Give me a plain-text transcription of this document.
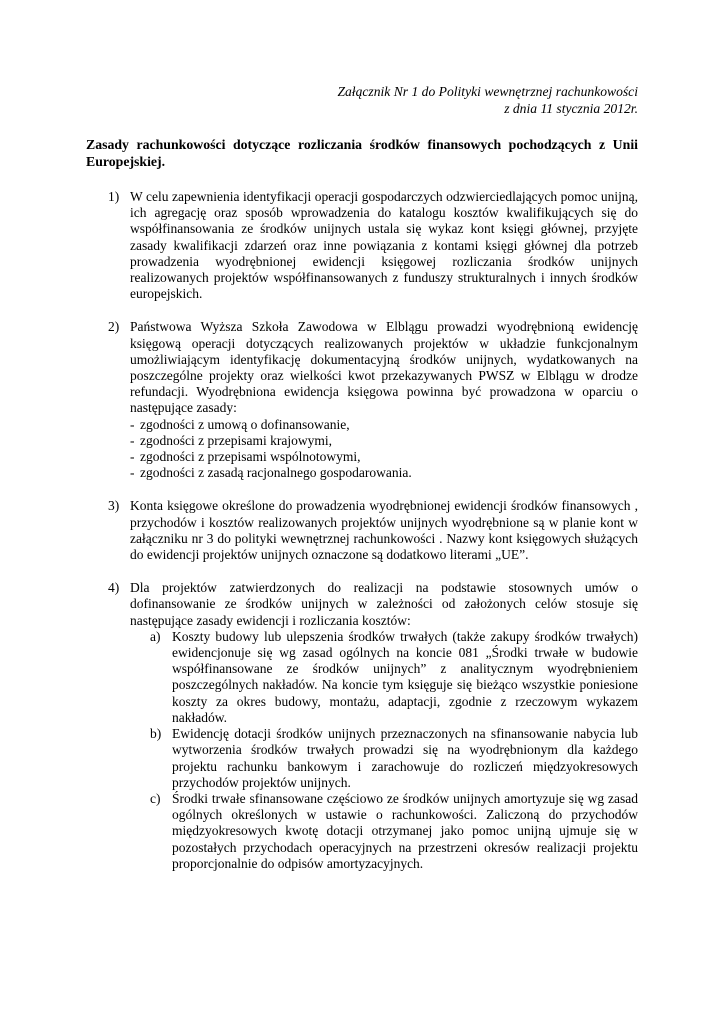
Załącznik Nr 1 do Polityki wewnętrznej rachunkowości
z dnia 11 stycznia 2012r.
Zasady rachunkowości dotyczące rozliczania środków finansowych pochodzących z Unii Europejskiej.
1) W celu zapewnienia identyfikacji operacji gospodarczych odzwierciedlających pomoc unijną, ich agregację oraz sposób wprowadzenia do katalogu kosztów kwalifikujących się do współfinansowania ze środków unijnych ustala się wykaz kont księgi głównej, przyjęte zasady kwalifikacji zdarzeń oraz inne powiązania z kontami księgi głównej dla potrzeb prowadzenia wyodrębnionej ewidencji księgowej rozliczania środków unijnych realizowanych projektów współfinansowanych z funduszy strukturalnych i innych środków europejskich.
2) Państwowa Wyższa Szkoła Zawodowa w Elblągu prowadzi wyodrębnioną ewidencję księgową operacji dotyczących realizowanych projektów w układzie funkcjonalnym umożliwiającym identyfikację dokumentacyjną środków unijnych, wydatkowanych na poszczególne projekty oraz wielkości kwot przekazywanych PWSZ w Elblągu w drodze refundacji. Wyodrębniona ewidencja księgowa powinna być prowadzona w oparciu o następujące zasady:
- zgodności z umową o dofinansowanie,
- zgodności z przepisami krajowymi,
- zgodności z przepisami wspólnotowymi,
- zgodności z zasadą racjonalnego gospodarowania.
3) Konta księgowe określone do prowadzenia wyodrębnionej ewidencji środków finansowych , przychodów i kosztów realizowanych projektów unijnych wyodrębnione są w planie kont w załączniku nr 3 do polityki wewnętrznej rachunkowości . Nazwy kont księgowych służących do ewidencji projektów unijnych oznaczone są dodatkowo literami „UE”.
4) Dla projektów zatwierdzonych do realizacji na podstawie stosownych umów o dofinansowanie ze środków unijnych w zależności od założonych celów stosuje się następujące zasady ewidencji i rozliczania kosztów:
a) Koszty budowy lub ulepszenia środków trwałych (także zakupy środków trwałych) ewidencjonuje się wg zasad ogólnych na koncie 081 „Środki trwałe w budowie współfinansowane ze środków unijnych” z analitycznym wyodrębnieniem poszczególnych nakładów. Na koncie tym księguje się bieżąco wszystkie poniesione koszty za okres budowy, montażu, adaptacji, zgodnie z rzeczowym wykazem nakładów.
b) Ewidencję dotacji środków unijnych przeznaczonych na sfinansowanie nabycia lub wytworzenia środków trwałych prowadzi się na wyodrębnionym dla każdego projektu rachunku bankowym i zarachowuje do rozliczeń międzyokresowych przychodów projektów unijnych.
c) Środki trwałe sfinansowane częściowo ze środków unijnych amortyzuje się wg zasad ogólnych określonych w ustawie o rachunkowości. Zaliczoną do przychodów międzyokresowych kwotę dotacji otrzymanej jako pomoc unijną ujmuje się w pozostałych przychodach operacyjnych na przestrzeni okresów realizacji projektu proporcjonalnie do odpisów amortyzacyjnych.
